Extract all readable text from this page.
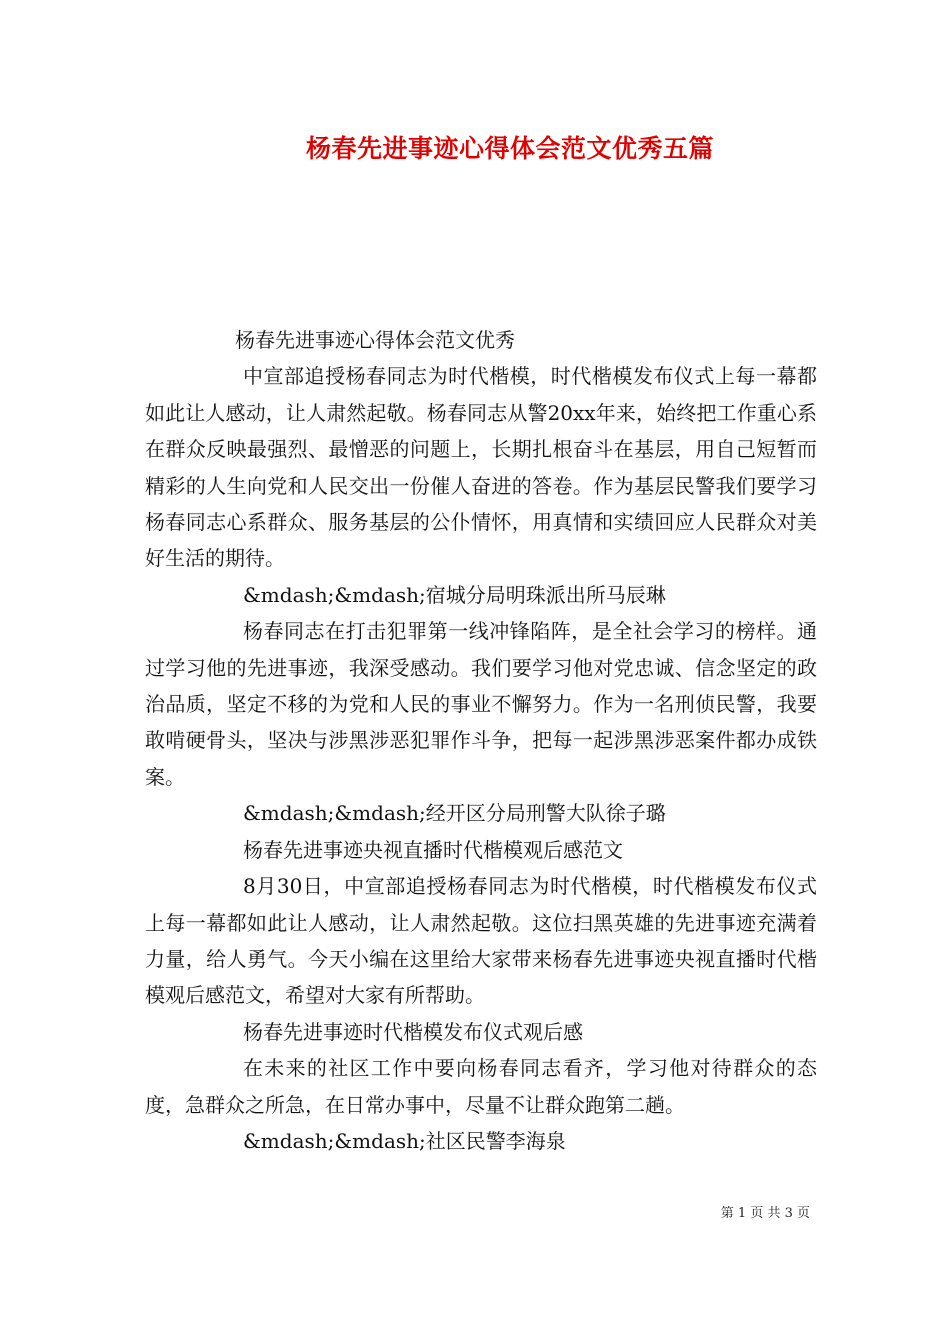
杨春先进事迹心得体会范文优秀五篇

杨春先进事迹心得体会范文优秀

中宣部追授杨春同志为时代楷模，时代楷模发布仪式上每一幕都如此让人感动，让人肃然起敬。杨春同志从警20xx年来，始终把工作重心系在群众反映最强烈、最憎恶的问题上，长期扎根奋斗在基层，用自己短暂而精彩的人生向党和人民交出一份催人奋进的答卷。作为基层民警我们要学习杨春同志心系群众、服务基层的公仆情怀，用真情和实绩回应人民群众对美好生活的期待。

&mdash;&mdash;宿城分局明珠派出所马辰琳

杨春同志在打击犯罪第一线冲锋陷阵，是全社会学习的榜样。通过学习他的先进事迹，我深受感动。我们要学习他对党忠诚、信念坚定的政治品质，坚定不移的为党和人民的事业不懈努力。作为一名刑侦民警，我要敢啃硬骨头，坚决与涉黑涉恶犯罪作斗争，把每一起涉黑涉恶案件都办成铁案。

&mdash;&mdash;经开区分局刑警大队徐子璐

杨春先进事迹央视直播时代楷模观后感范文

8月30日，中宣部追授杨春同志为时代楷模，时代楷模发布仪式上每一幕都如此让人感动，让人肃然起敬。这位扫黑英雄的先进事迹充满着力量，给人勇气。今天小编在这里给大家带来杨春先进事迹央视直播时代楷模观后感范文，希望对大家有所帮助。

杨春先进事迹时代楷模发布仪式观后感

在未来的社区工作中要向杨春同志看齐，学习他对待群众的态度，急群众之所急，在日常办事中，尽量不让群众跑第二趟。

&mdash;&mdash;社区民警李海泉

第 1 页 共 3 页
